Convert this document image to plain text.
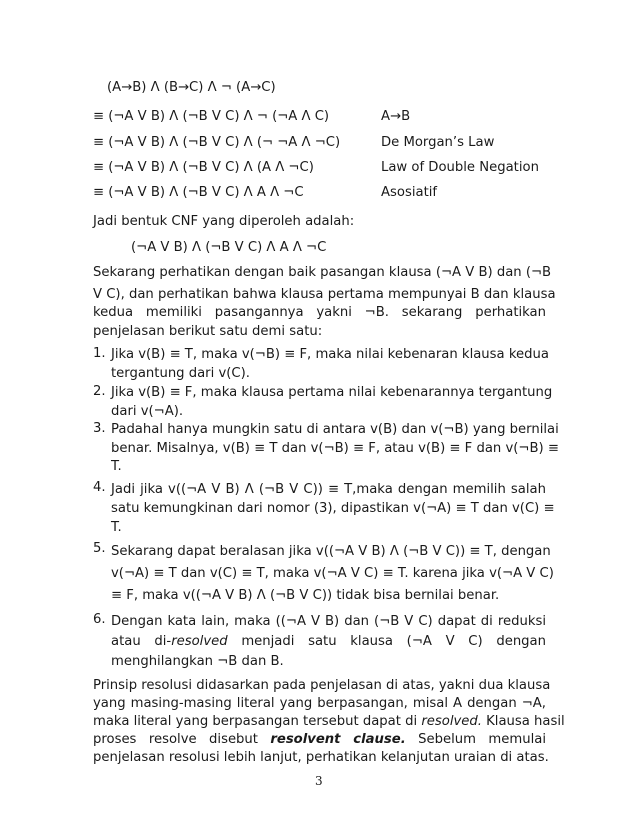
(A→B) Λ (B→C) Λ ¬ (A→C)
≡ (¬A V B) Λ (¬B V C) Λ ¬ (¬A Λ C)	A→B
≡ (¬A V B) Λ (¬B V C) Λ (¬ ¬A Λ ¬C)	De Morgan’s Law
≡ (¬A V B) Λ (¬B V C) Λ (A Λ ¬C)	Law of Double Negation
≡ (¬A V B) Λ (¬B V C) Λ A Λ ¬C	Asosiatif
Jadi bentuk CNF yang diperoleh adalah:
(¬A V B) Λ (¬B V C) Λ A Λ ¬C
Sekarang perhatikan dengan baik pasangan klausa (¬A V B) dan (¬B
V C), dan perhatikan bahwa klausa pertama mempunyai B dan klausa
kedua memiliki pasangannya yakni ¬B. sekarang perhatikan
penjelasan berikut satu demi satu:
1. Jika v(B) ≡ T, maka v(¬B) ≡ F, maka nilai kebenaran klausa kedua
tergantung dari v(C).
2. Jika v(B) ≡ F, maka klausa pertama nilai kebenarannya tergantung
dari v(¬A).
3. Padahal hanya mungkin satu di antara v(B) dan v(¬B) yang bernilai
benar. Misalnya, v(B) ≡ T dan v(¬B) ≡ F, atau v(B) ≡ F dan v(¬B) ≡
T.
4. Jadi jika v((¬A V B) Λ (¬B V C)) ≡ T,maka dengan memilih salah
satu kemungkinan dari nomor (3), dipastikan v(¬A) ≡ T dan v(C) ≡
T.
5. Sekarang dapat beralasan jika v((¬A V B) Λ (¬B V C)) ≡ T, dengan
v(¬A) ≡ T dan v(C) ≡ T, maka v(¬A V C) ≡ T. karena jika v(¬A V C)
≡ F, maka v((¬A V B) Λ (¬B V C)) tidak bisa bernilai benar.
6. Dengan kata lain, maka ((¬A V B) dan (¬B V C) dapat di reduksi
atau di-resolved menjadi satu klausa (¬A V C) dengan
menghilangkan ¬B dan B.
Prinsip resolusi didasarkan pada penjelasan di atas, yakni dua klausa
yang masing-masing literal yang berpasangan, misal A dengan ¬A,
maka literal yang berpasangan tersebut dapat di resolved. Klausa hasil
proses resolve disebut resolvent clause. Sebelum memulai
penjelasan resolusi lebih lanjut, perhatikan kelanjutan uraian di atas.
3
